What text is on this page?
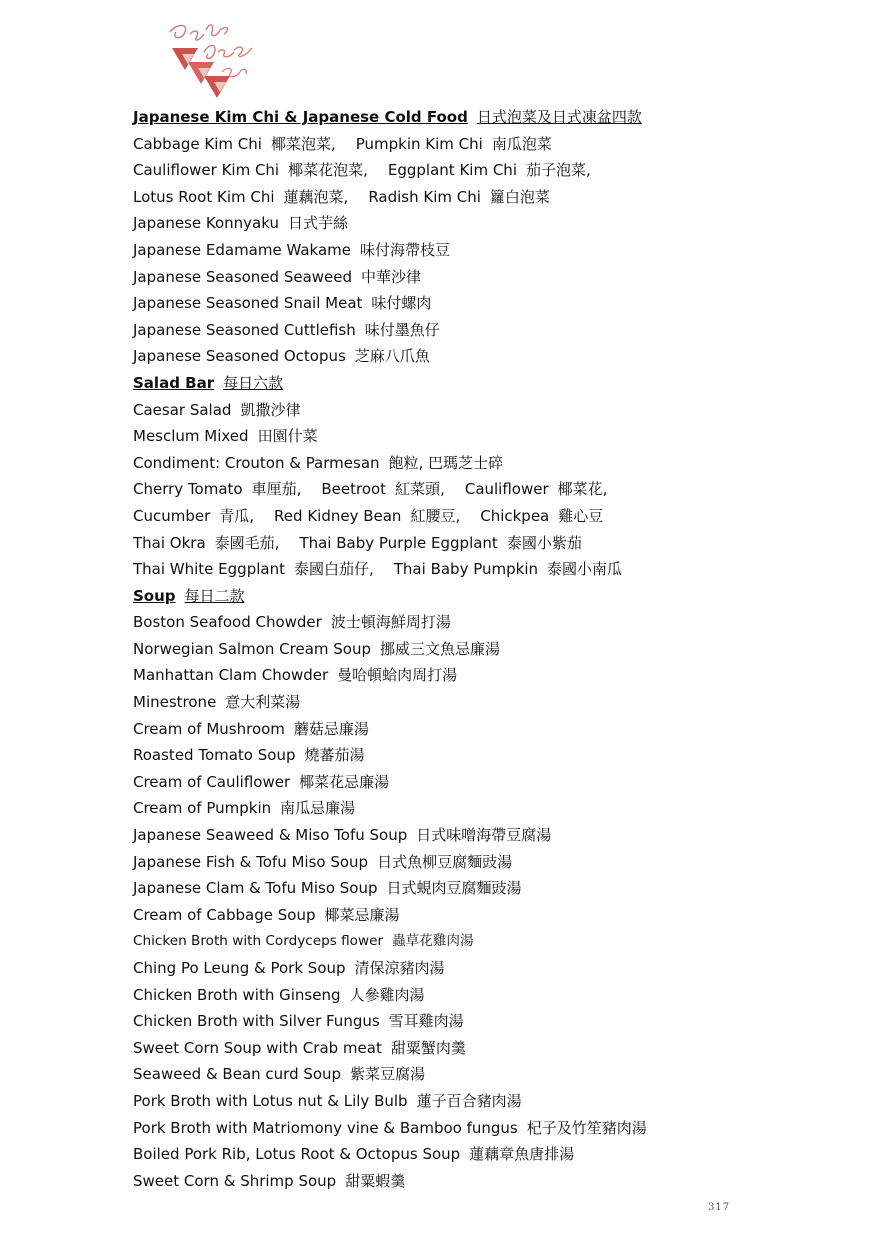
Japanese Kim Chi & Japanese Cold Food 日式泡菜及日式凍盆四款
Cabbage Kim Chi 椰菜泡菜, Pumpkin Kim Chi 南瓜泡菜
Cauliflower Kim Chi 椰菜花泡菜, Eggplant Kim Chi 茄子泡菜,
Lotus Root Kim Chi 蓮藕泡菜, Radish Kim Chi 籮白泡菜
Japanese Konnyaku 日式芋絲
Japanese Edamame Wakame 味付海帶枝豆
Japanese Seasoned Seaweed 中華沙律
Japanese Seasoned Snail Meat 味付螺肉
Japanese Seasoned Cuttlefish 味付墨魚仔
Japanese Seasoned Octopus 芝麻八爪魚
Salad Bar 每日六款
Caesar Salad 凱撒沙律
Mesclum Mixed 田園什菜
Condiment: Crouton & Parmesan 飽粒, 巴瑪芝士碎
Cherry Tomato 車厘茄, Beetroot 紅菜頭, Cauliflower 椰菜花,
Cucumber 青瓜, Red Kidney Bean 紅腰豆, Chickpea 雞心豆
Thai Okra 泰國毛茄, Thai Baby Purple Eggplant 泰國小紫茄
Thai White Eggplant 泰國白茄仔, Thai Baby Pumpkin 泰國小南瓜
Soup 每日二款
Boston Seafood Chowder 波士頓海鮮周打湯
Norwegian Salmon Cream Soup 挪威三文魚忌廉湯
Manhattan Clam Chowder 曼哈頓蛤肉周打湯
Minestrone 意大利菜湯
Cream of Mushroom 蘑菇忌廉湯
Roasted Tomato Soup 燒蕃茄湯
Cream of Cauliflower 椰菜花忌廉湯
Cream of Pumpkin 南瓜忌廉湯
Japanese Seaweed & Miso Tofu Soup 日式味噌海帶豆腐湯
Japanese Fish & Tofu Miso Soup 日式魚柳豆腐麵豉湯
Japanese Clam & Tofu Miso Soup 日式蜆肉豆腐麵豉湯
Cream of Cabbage Soup 椰菜忌廉湯
Chicken Broth with Cordyceps flower 蟲草花雞肉湯
Ching Po Leung & Pork Soup 清保涼豬肉湯
Chicken Broth with Ginseng 人參雞肉湯
Chicken Broth with Silver Fungus 雪耳雞肉湯
Sweet Corn Soup with Crab meat 甜粟蟹肉羹
Seaweed & Bean curd Soup 紫菜豆腐湯
Pork Broth with Lotus nut & Lily Bulb 蓮子百合豬肉湯
Pork Broth with Matriomony vine & Bamboo fungus 杞子及竹笙豬肉湯
Boiled Pork Rib, Lotus Root & Octopus Soup 蓮藕章魚唐排湯
Sweet Corn & Shrimp Soup 甜粟蝦羹
317
